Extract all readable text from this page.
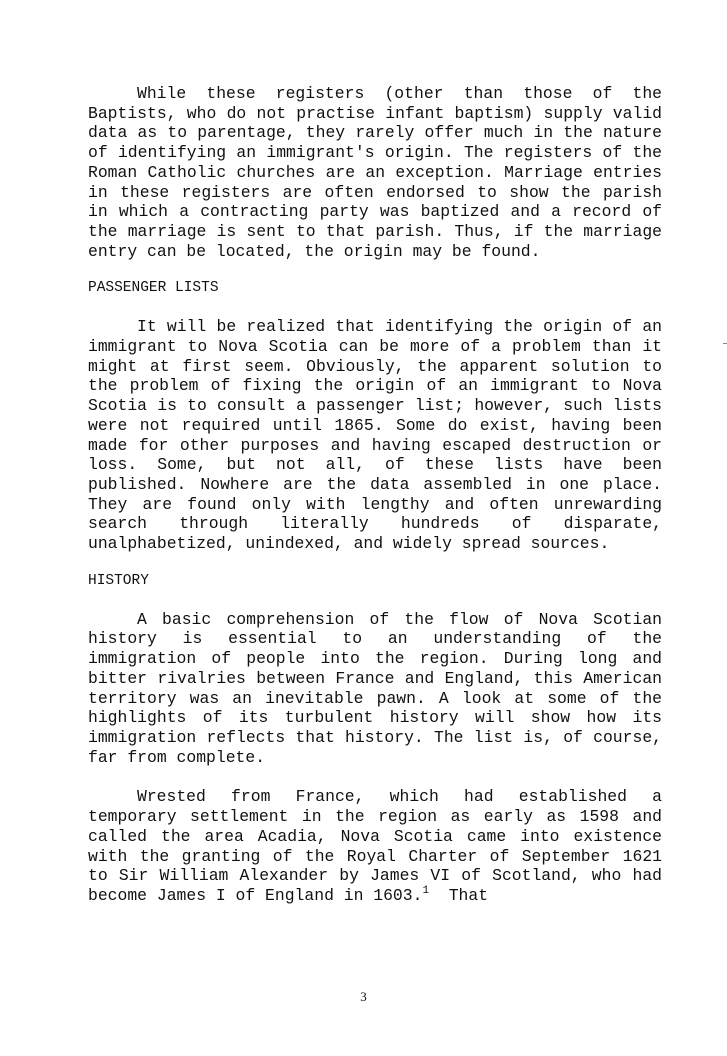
While these registers (other than those of the Baptists, who do not practise infant baptism) supply valid data as to parentage, they rarely offer much in the nature of identifying an immigrant's origin. The registers of the Roman Catholic churches are an exception. Marriage entries in these registers are often endorsed to show the parish in which a contracting party was baptized and a record of the marriage is sent to that parish. Thus, if the marriage entry can be located, the origin may be found.

PASSENGER LISTS

It will be realized that identifying the origin of an immigrant to Nova Scotia can be more of a problem than it might at first seem. Obviously, the apparent solution to the problem of fixing the origin of an immigrant to Nova Scotia is to consult a passenger list; however, such lists were not required until 1865. Some do exist, having been made for other purposes and having escaped destruction or loss. Some, but not all, of these lists have been published. Nowhere are the data assembled in one place. They are found only with lengthy and often unrewarding search through literally hundreds of disparate, unalphabetized, unindexed, and widely spread sources.

HISTORY

A basic comprehension of the flow of Nova Scotian history is essential to an understanding of the immigration of people into the region. During long and bitter rivalries between France and England, this American territory was an inevitable pawn. A look at some of the highlights of its turbulent history will show how its immigration reflects that history. The list is, of course, far from complete.

Wrested from France, which had established a temporary settlement in the region as early as 1598 and called the area Acadia, Nova Scotia came into existence with the granting of the Royal Charter of September 1621 to Sir William Alexander by James VI of Scotland, who had become James I of England in 1603.$^1$  That

3
